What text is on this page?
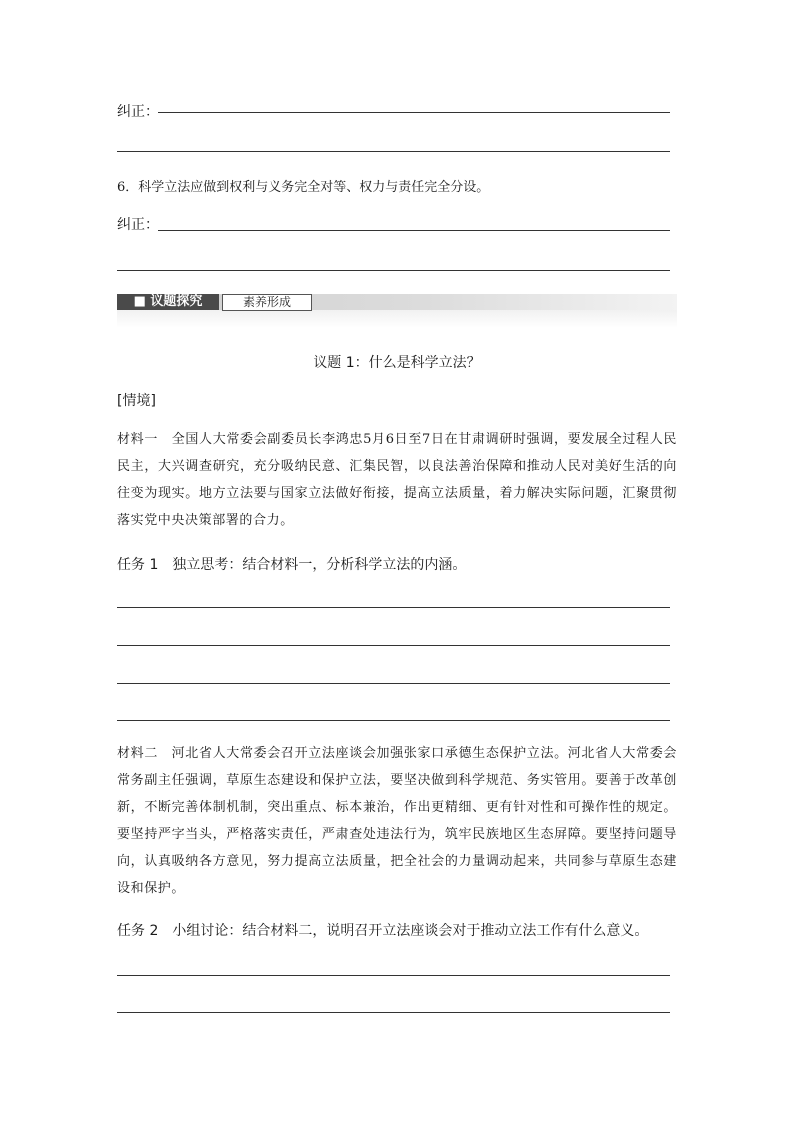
纠正：
6．科学立法应做到权利与义务完全对等、权力与责任完全分设。
纠正：
■ 议题探究	素养形成
议题 1：什么是科学立法？
[情境]
材料一　全国人大常委会副委员长李鸿忠5月6日至7日在甘肃调研时强调，要发展全过程人民民主，大兴调查研究，充分吸纳民意、汇集民智，以良法善治保障和推动人民对美好生活的向往变为现实。地方立法要与国家立法做好衔接，提高立法质量，着力解决实际问题，汇聚贯彻落实党中央决策部署的合力。
任务 1　独立思考：结合材料一，分析科学立法的内涵。
材料二　河北省人大常委会召开立法座谈会加强张家口承德生态保护立法。河北省人大常委会常务副主任强调，草原生态建设和保护立法，要坚决做到科学规范、务实管用。要善于改革创新，不断完善体制机制，突出重点、标本兼治，作出更精细、更有针对性和可操作性的规定。要坚持严字当头，严格落实责任，严肃查处违法行为，筑牢民族地区生态屏障。要坚持问题导向，认真吸纳各方意见，努力提高立法质量，把全社会的力量调动起来，共同参与草原生态建设和保护。
任务 2　小组讨论：结合材料二，说明召开立法座谈会对于推动立法工作有什么意义。
